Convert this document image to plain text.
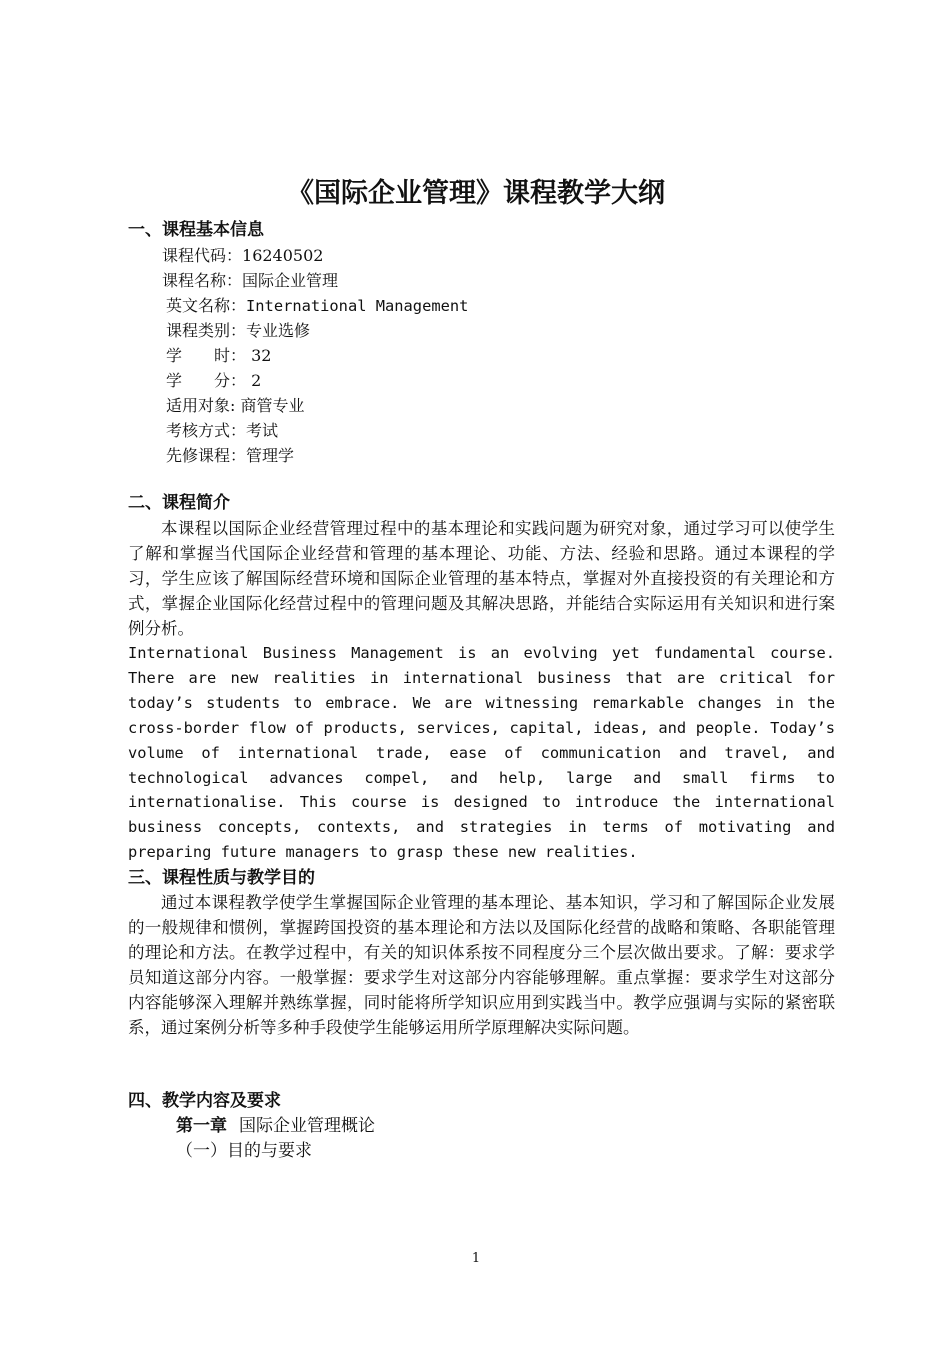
《国际企业管理》课程教学大纲
一、课程基本信息
课程代码：16240502
课程名称：国际企业管理
英文名称：International Management
课程类别：专业选修
学　　时： 32
学　　分： 2
适用对象: 商管专业
考核方式：考试
先修课程：管理学
二、课程简介

本课程以国际企业经营管理过程中的基本理论和实践问题为研究对象，通过学习可以使学生了解和掌握当代国际企业经营和管理的基本理论、功能、方法、经验和思路。通过本课程的学习，学生应该了解国际经营环境和国际企业管理的基本特点，掌握对外直接投资的有关理论和方式，掌握企业国际化经营过程中的管理问题及其解决思路，并能结合实际运用有关知识和进行案例分析。

International Business Management is an evolving yet fundamental course. There are new realities in international business that are critical for today’s students to embrace. We are witnessing remarkable changes in the cross-border flow of products, services, capital, ideas, and people. Today’s volume of international trade, ease of communication and travel, and technological advances compel, and help, large and small firms to internationalise. This course is designed to introduce the international business concepts, contexts, and strategies in terms of motivating and preparing future managers to grasp these new realities.

三、课程性质与教学目的

通过本课程教学使学生掌握国际企业管理的基本理论、基本知识，学习和了解国际企业发展的一般规律和惯例，掌握跨国投资的基本理论和方法以及国际化经营的战略和策略、各职能管理的理论和方法。在教学过程中，有关的知识体系按不同程度分三个层次做出要求。了解：要求学员知道这部分内容。一般掌握：要求学生对这部分内容能够理解。重点掌握：要求学生对这部分内容能够深入理解并熟练掌握，同时能将所学知识应用到实践当中。教学应强调与实际的紧密联系，通过案例分析等多种手段使学生能够运用所学原理解决实际问题。

四、教学内容及要求
第一章 国际企业管理概论
（一）目的与要求
1
